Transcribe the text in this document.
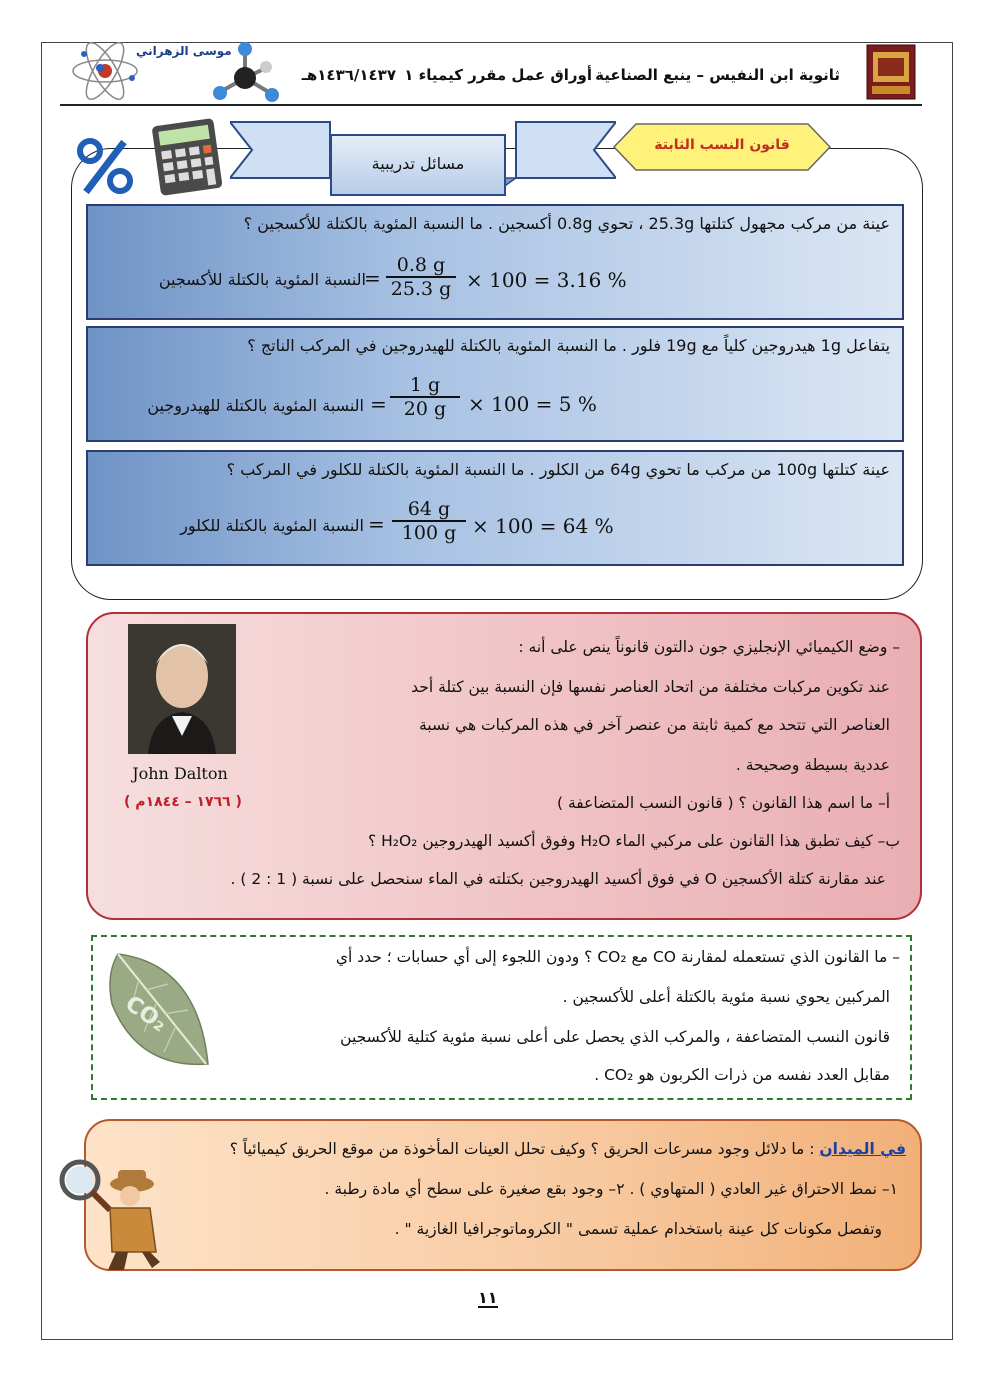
ثانوية ابن النفيس – ينبع الصناعية
أوراق عمل مقرر كيمياء ١
١٤٣٦/١٤٣٧هـ
موسى الزهراني
مسائل تدريبية
قانون النسب الثابتة
عينة من مركب مجهول كتلتها 25.3g ، تحوي 0.8g أكسجين . ما النسبة المئوية بالكتلة للأكسجين ؟
النسبة المئوية بالكتلة للأكسجين
=
0.8 g
25.3 g × 100 = 3.16 %
يتفاعل 1g هيدروجين كلياً مع 19g فلور . ما النسبة المئوية بالكتلة للهيدروجين في المركب الناتج ؟
النسبة المئوية بالكتلة للهيدروجين =
1 g
20 g	× 100 = 5 %
عينة كتلتها 100g من مركب ما تحوي 64g من الكلور . ما النسبة المئوية بالكتلة للكلور في المركب ؟
النسبة المئوية بالكتلة للكلور =
64 g
100 g × 100 = 64 %
John Dalton
( ١٧٦٦ – ١٨٤٤م )
– وضع الكيميائي الإنجليزي جون دالتون قانوناً ينص على أنه :
عند تكوين مركبات مختلفة من اتحاد العناصر نفسها فإن النسبة بين كتلة أحد
العناصر التي تتحد مع كمية ثابتة من عنصر آخر في هذه المركبات هي نسبة
عددية بسيطة وصحيحة .
أ– ما اسم هذا القانون ؟ ( قانون النسب المتضاعفة )
ب– كيف تطبق هذا القانون على مركبي الماء H₂O وفوق أكسيد الهيدروجين H₂O₂ ؟
عند مقارنة كتلة الأكسجين O في فوق أكسيد الهيدروجين بكتلته في الماء سنحصل على نسبة ( 1 : 2 ) .
CO₂
– ما القانون الذي تستعمله لمقارنة CO مع CO₂ ؟ ودون اللجوء إلى أي حسابات ؛ حدد أي
المركبين يحوي نسبة مئوية بالكتلة أعلى للأكسجين .
قانون النسب المتضاعفة ، والمركب الذي يحصل على أعلى نسبة مئوية كتلية للأكسجين
مقابل العدد نفسه من ذرات الكربون هو CO₂ .
في الميدان : ما دلائل وجود مسرعات الحريق ؟ وكيف تحلل العينات المأخوذة من موقع الحريق كيميائياً ؟
١– نمط الاحتراق غير العادي ( المتهاوي ) . ٢– وجود بقع صغيرة على سطح أي مادة رطبة .
وتفصل مكونات كل عينة باستخدام عملية تسمى " الكروماتوجرافيا الغازية " .
١١
